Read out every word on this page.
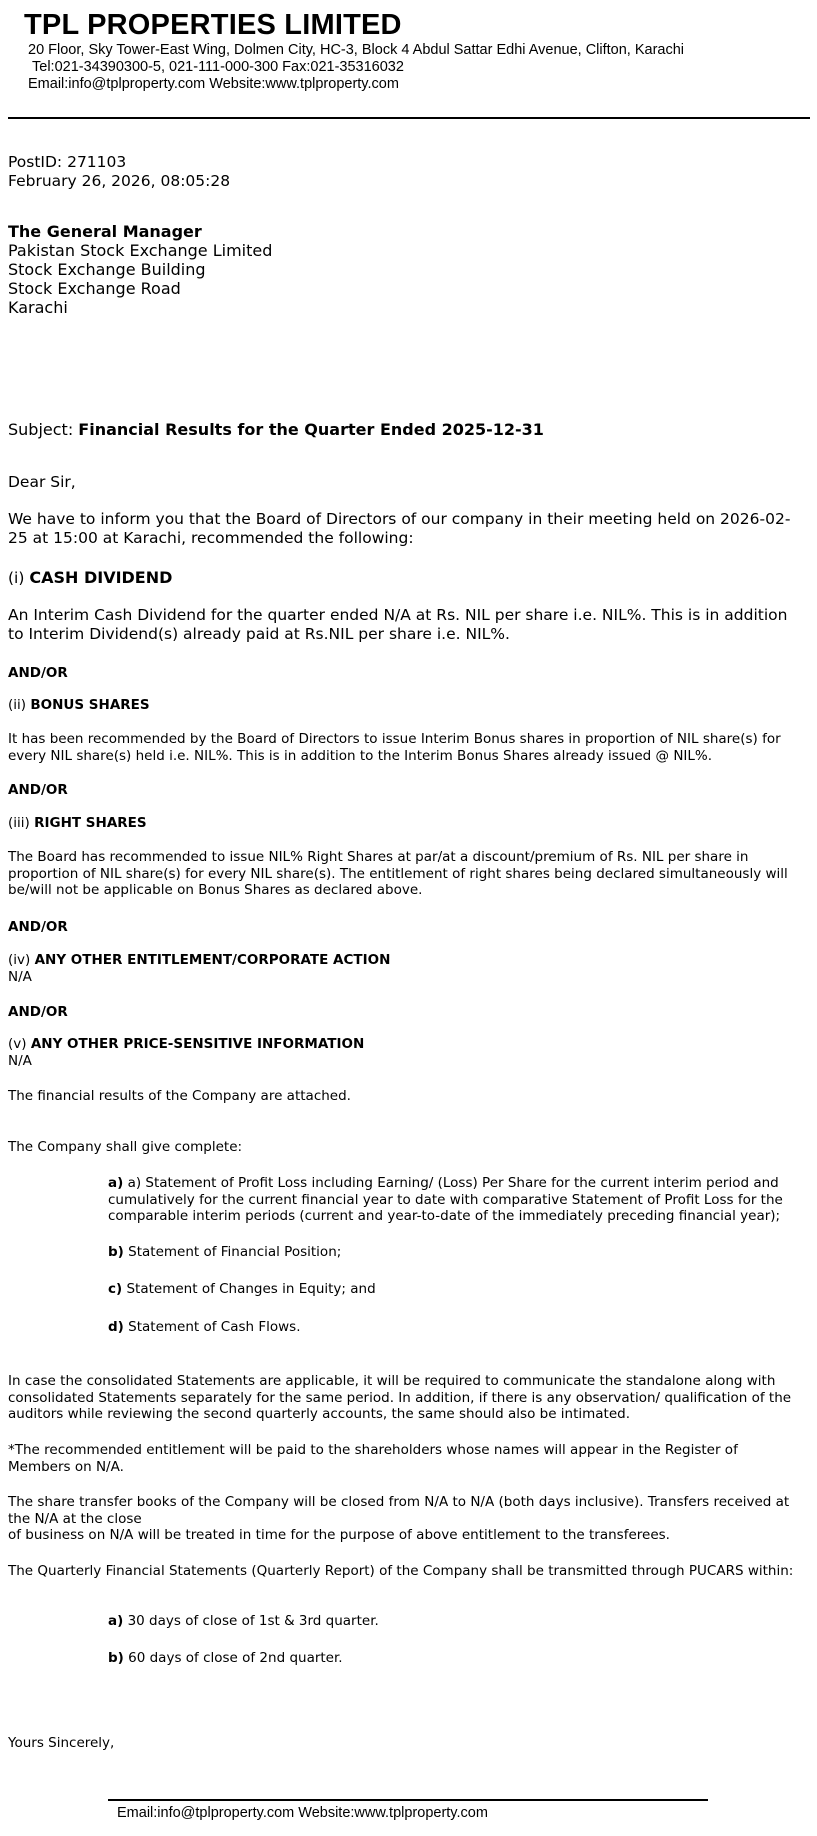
TPL PROPERTIES LIMITED
20 Floor, Sky Tower-East Wing, Dolmen City, HC-3, Block 4 Abdul Sattar Edhi Avenue, Clifton, Karachi
Tel:021-34390300-5, 021-111-000-300 Fax:021-35316032
Email:info@tplproperty.com Website:www.tplproperty.com
PostID: 271103
February 26, 2026, 08:05:28
The General Manager
Pakistan Stock Exchange Limited
Stock Exchange Building
Stock Exchange Road
Karachi
Subject: Financial Results for the Quarter Ended 2025-12-31
Dear Sir,
We have to inform you that the Board of Directors of our company in their meeting held on 2026-02-25 at 15:00 at Karachi, recommended the following:
(i) CASH DIVIDEND
An Interim Cash Dividend for the quarter ended N/A at Rs. NIL per share i.e. NIL%. This is in addition to Interim Dividend(s) already paid at Rs.NIL per share i.e. NIL%.
AND/OR
(ii) BONUS SHARES
It has been recommended by the Board of Directors to issue Interim Bonus shares in proportion of NIL share(s) for every NIL share(s) held i.e. NIL%. This is in addition to the Interim Bonus Shares already issued @ NIL%.
AND/OR
(iii) RIGHT SHARES
The Board has recommended to issue NIL% Right Shares at par/at a discount/premium of Rs. NIL per share in proportion of NIL share(s) for every NIL share(s). The entitlement of right shares being declared simultaneously will be/will not be applicable on Bonus Shares as declared above.
AND/OR
(iv) ANY OTHER ENTITLEMENT/CORPORATE ACTION
N/A
AND/OR
(v) ANY OTHER PRICE-SENSITIVE INFORMATION
N/A
The financial results of the Company are attached.
The Company shall give complete:
a) a) Statement of Profit Loss including Earning/ (Loss) Per Share for the current interim period and cumulatively for the current financial year to date with comparative Statement of Profit Loss for the comparable interim periods (current and year-to-date of the immediately preceding financial year);
b) Statement of Financial Position;
c) Statement of Changes in Equity; and
d) Statement of Cash Flows.
In case the consolidated Statements are applicable, it will be required to communicate the standalone along with consolidated Statements separately for the same period. In addition, if there is any observation/ qualification of the auditors while reviewing the second quarterly accounts, the same should also be intimated.
*The recommended entitlement will be paid to the shareholders whose names will appear in the Register of Members on N/A.
The share transfer books of the Company will be closed from N/A to N/A (both days inclusive). Transfers received at the N/A at the close
of business on N/A will be treated in time for the purpose of above entitlement to the transferees.
The Quarterly Financial Statements (Quarterly Report) of the Company shall be transmitted through PUCARS within:
a) 30 days of close of 1st & 3rd quarter.
b) 60 days of close of 2nd quarter.
Yours Sincerely,
Email:info@tplproperty.com Website:www.tplproperty.com
